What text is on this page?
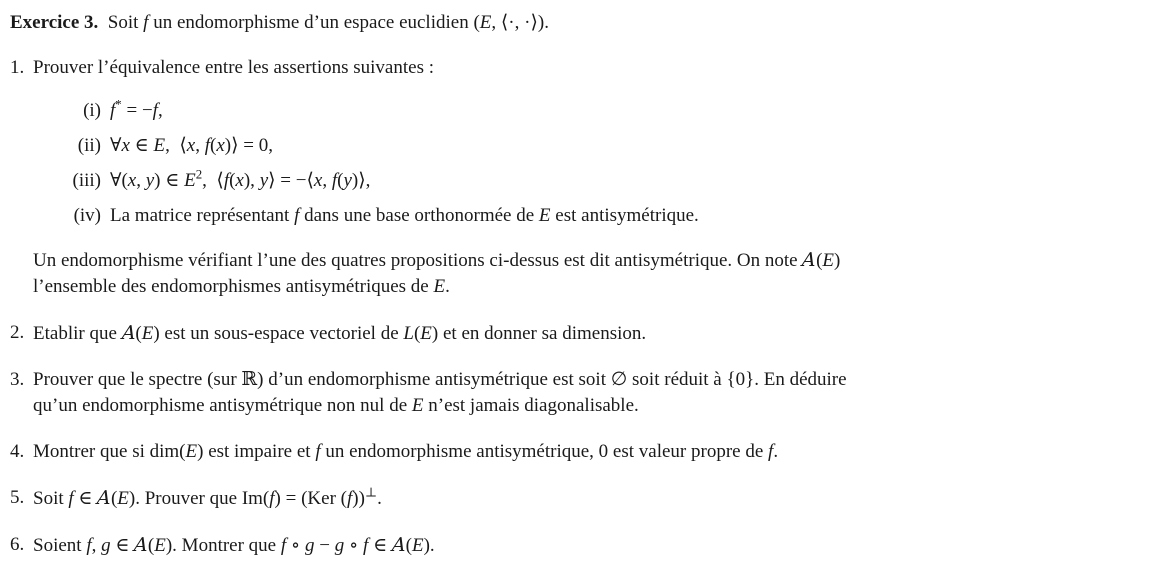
Exercice 3.  Soit f un endomorphisme d’un espace euclidien (E, ⟨·, ·⟩).

1. Prouver l’équivalence entre les assertions suivantes :
(i) f* = −f,
(ii) ∀x ∈ E,  ⟨x, f(x)⟩ = 0,
(iii) ∀(x, y) ∈ $E^2$,  ⟨f(x), y⟩ = −⟨x, f(y)⟩,
(iv) La matrice représentant f dans une base orthonormée de E est antisymétrique.
Un endomorphisme vérifiant l’une des quatres propositions ci-dessus est dit antisymétrique. On note A(E)
l’ensemble des endomorphismes antisymétriques de E.
2. Etablir que A(E) est un sous-espace vectoriel de L(E) et en donner sa dimension.
3. Prouver que le spectre (sur ℝ) d’un endomorphisme antisymétrique est soit ∅ soit réduit à {0}. En déduire
qu’un endomorphisme antisymétrique non nul de E n’est jamais diagonalisable.
4. Montrer que si dim(E) est impaire et f un endomorphisme antisymétrique, 0 est valeur propre de f.
5. Soit f ∈ A(E). Prouver que Im(f) = (Ker (f))⊥.
6. Soient f, g ∈ A(E). Montrer que f ∘ g − g ∘ f ∈ A(E).
